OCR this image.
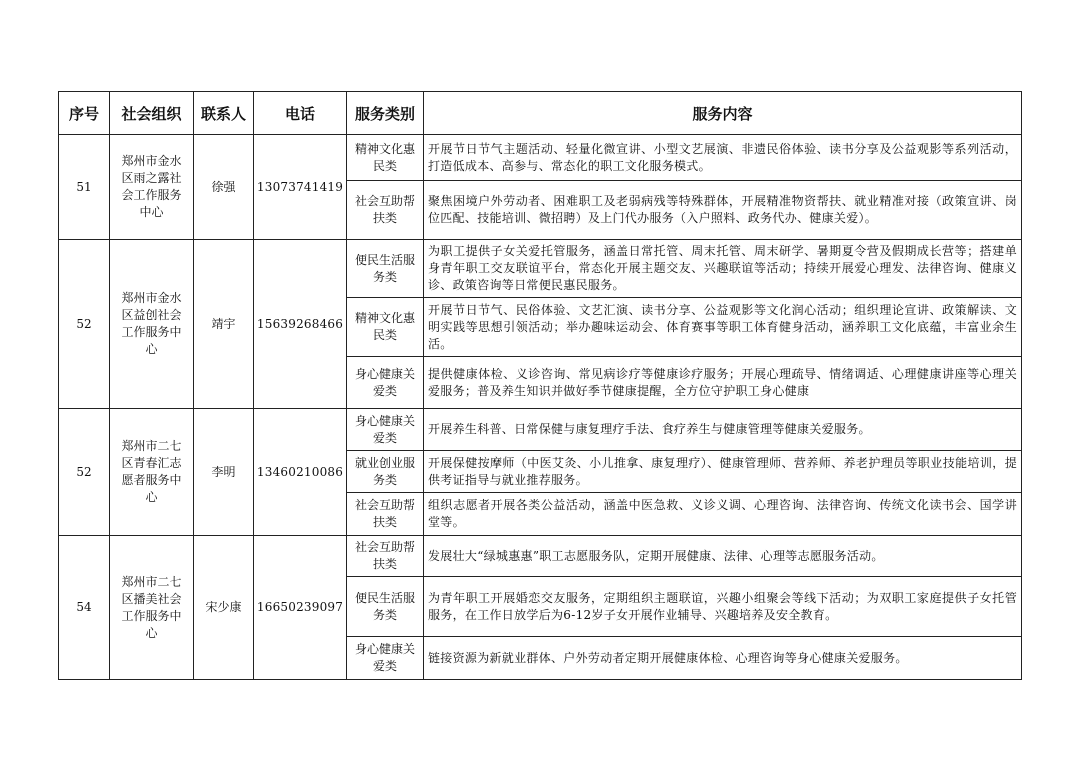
序号	社会组织	联系人	电话	服务类别	服务内容
51	郑州市金水区雨之露社会工作服务中心	徐强	13073741419	精神文化惠民类	开展节日节气主题活动、轻量化微宣讲、小型文艺展演、非遗民俗体验、读书分享及公益观影等系列活动，打造低成本、高参与、常态化的职工文化服务模式。
				社会互助帮扶类	聚焦困境户外劳动者、困难职工及老弱病残等特殊群体，开展精准物资帮扶、就业精准对接（政策宣讲、岗位匹配、技能培训、微招聘）及上门代办服务（入户照料、政务代办、健康关爱）。
52	郑州市金水区益创社会工作服务中心	靖宇	15639268466	便民生活服务类	为职工提供子女关爱托管服务，涵盖日常托管、周末托管、周末研学、暑期夏令营及假期成长营等；搭建单身青年职工交友联谊平台，常态化开展主题交友、兴趣联谊等活动；持续开展爱心理发、法律咨询、健康义诊、政策咨询等日常便民惠民服务。
				精神文化惠民类	开展节日节气、民俗体验、文艺汇演、读书分享、公益观影等文化润心活动；组织理论宣讲、政策解读、文明实践等思想引领活动；举办趣味运动会、体育赛事等职工体育健身活动，涵养职工文化底蕴，丰富业余生活。
				身心健康关爱类	提供健康体检、义诊咨询、常见病诊疗等健康诊疗服务；开展心理疏导、情绪调适、心理健康讲座等心理关爱服务；普及养生知识并做好季节健康提醒，全方位守护职工身心健康
52	郑州市二七区青春汇志愿者服务中心	李明	13460210086	身心健康关爱类	开展养生科普、日常保健与康复理疗手法、食疗养生与健康管理等健康关爱服务。
				就业创业服务类	开展保健按摩师（中医艾灸、小儿推拿、康复理疗）、健康管理师、营养师、养老护理员等职业技能培训，提供考证指导与就业推荐服务。
				社会互助帮扶类	组织志愿者开展各类公益活动，涵盖中医急救、义诊义调、心理咨询、法律咨询、传统文化读书会、国学讲堂等。
54	郑州市二七区播美社会工作服务中心	宋少康	16650239097	社会互助帮扶类	发展壮大“绿城惠惠”职工志愿服务队，定期开展健康、法律、心理等志愿服务活动。
				便民生活服务类	为青年职工开展婚恋交友服务，定期组织主题联谊，兴趣小组聚会等线下活动；为双职工家庭提供子女托管服务，在工作日放学后为6-12岁子女开展作业辅导、兴趣培养及安全教育。
				身心健康关爱类	链接资源为新就业群体、户外劳动者定期开展健康体检、心理咨询等身心健康关爱服务。
